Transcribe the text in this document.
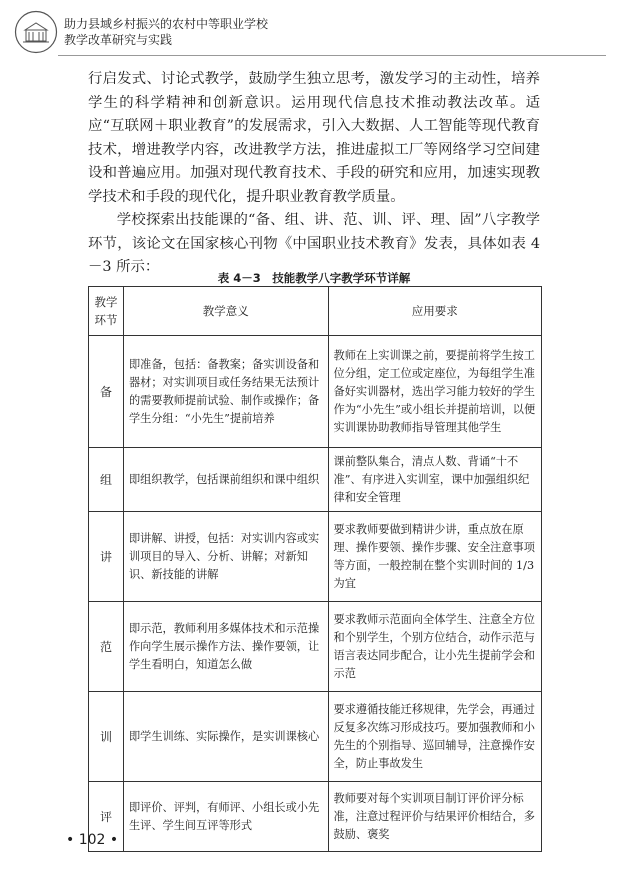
助力县域乡村振兴的农村中等职业学校
教学改革研究与实践

行启发式、讨论式教学，鼓励学生独立思考，激发学习的主动性，培养学生的科学精神和创新意识。运用现代信息技术推动教法改革。适应“互联网＋职业教育”的发展需求，引入大数据、人工智能等现代教育技术，增进教学内容，改进教学方法，推进虚拟工厂等网络学习空间建设和普遍应用。加强对现代教育技术、手段的研究和应用，加速实现教学技术和手段的现代化，提升职业教育教学质量。

学校探索出技能课的“备、组、讲、范、训、评、理、固”八字教学环节，该论文在国家核心刊物《中国职业技术教育》发表，具体如表 4－3 所示：

表 4－3　技能教学八字教学环节详解
教学环节	教学意义	应用要求
备	即准备，包括：备教案；备实训设备和器材；对实训项目或任务结果无法预计的需要教师提前试验、制作或操作；备学生分组：“小先生”提前培养	教师在上实训课之前，要提前将学生按工位分组，定工位或定座位，为每组学生准备好实训器材，选出学习能力较好的学生作为“小先生”或小组长并提前培训，以便实训课协助教师指导管理其他学生
组	即组织教学，包括课前组织和课中组织	课前整队集合，清点人数、背诵“十不准”、有序进入实训室，课中加强组织纪律和安全管理
讲	即讲解、讲授，包括：对实训内容或实训项目的导入、分析、讲解；对新知识、新技能的讲解	要求教师要做到精讲少讲，重点放在原理、操作要领、操作步骤、安全注意事项等方面，一般控制在整个实训时间的 1/3 为宜
范	即示范，教师利用多媒体技术和示范操作向学生展示操作方法、操作要领，让学生看明白，知道怎么做	要求教师示范面向全体学生、注意全方位和个别学生，个别方位结合，动作示范与语言表达同步配合，让小先生提前学会和示范
训	即学生训练、实际操作，是实训课核心	要求遵循技能迁移规律，先学会，再通过反复多次练习形成技巧。要加强教师和小先生的个别指导、巡回辅导，注意操作安全，防止事故发生
评	即评价、评判，有师评、小组长或小先生评、学生间互评等形式	教师要对每个实训项目制订评价评分标准，注意过程评价与结果评价相结合，多鼓励、褒奖
• 102 •
